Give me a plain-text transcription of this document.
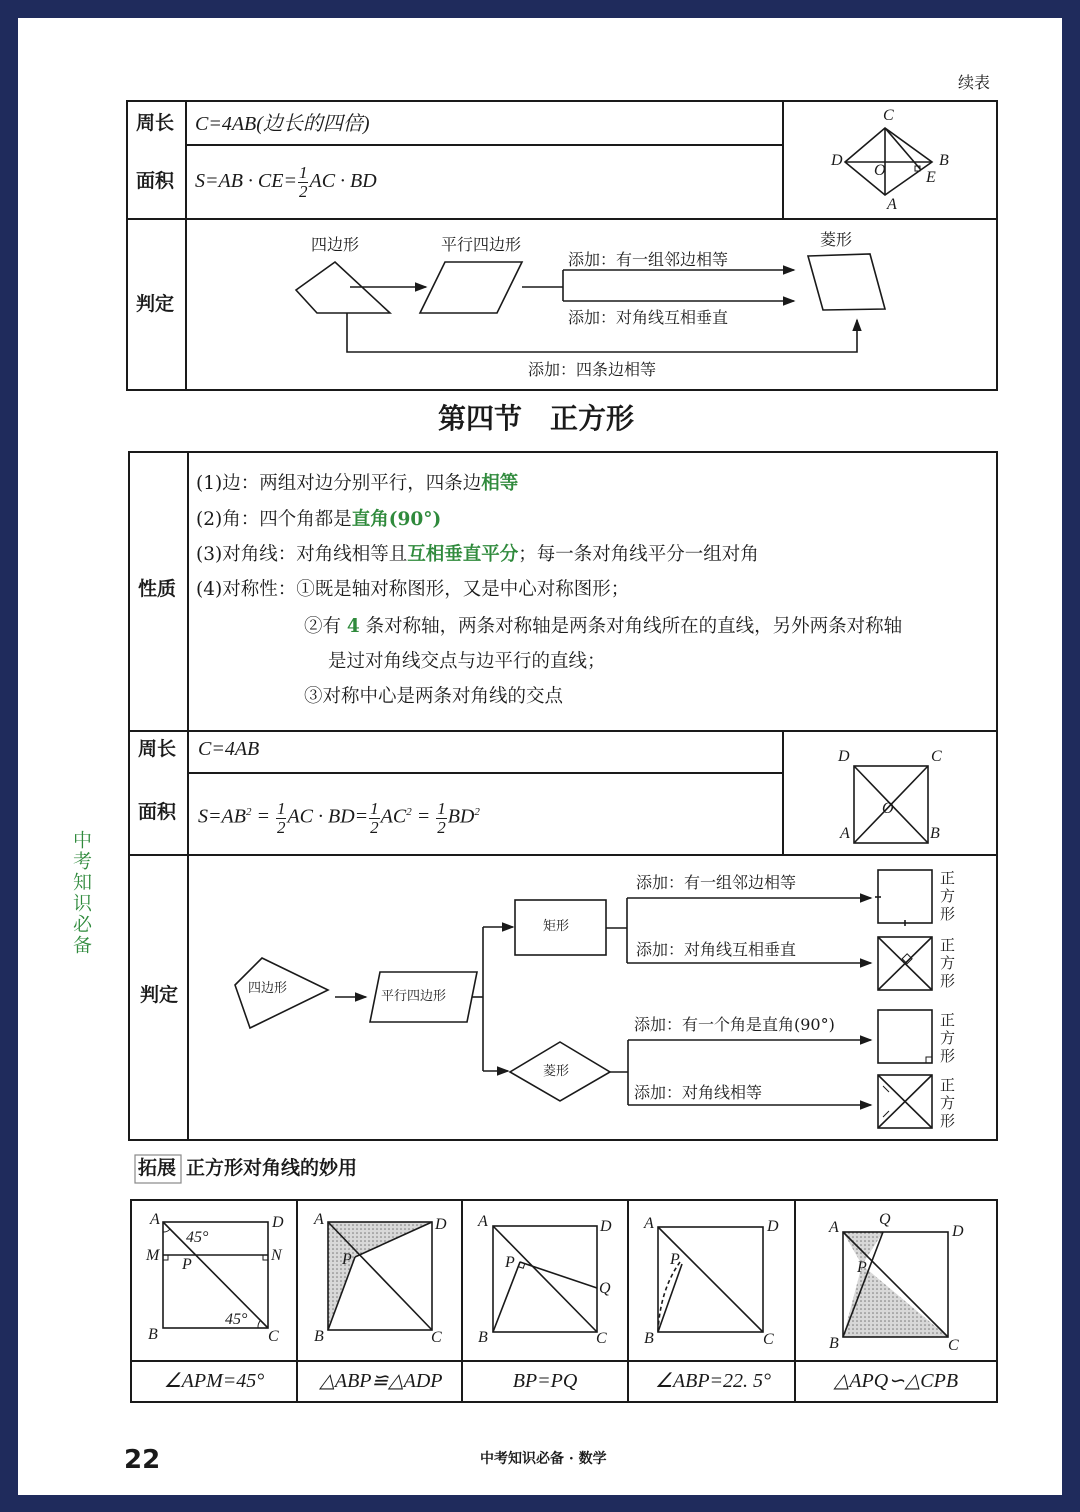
续表
周长 C=4AB(边长的四倍)
面积 $S=AB \cdot CE= \frac{1}{2}$ AC · BD
C
D
O
B
E
A
判定
四边形	平行四边形	菱形
添加：有一组邻边相等
添加：对角线互相垂直
添加：四条边相等
第四节　正方形
性质
(1)边：两组对边分别平行，四条边相等
(2)角：四个角都是直角(90°)
(3)对角线：对角线相等且互相垂直平分；每一条对角线平分一组对角
(4)对称性：①既是轴对称图形，又是中心对称图形；
②有 4 条对称轴，两条对称轴是两条对角线所在的直线，另外两条对称轴
是过对角线交点与边平行的直线；
③对称中心是两条对角线的交点
周长 C=4AB
面积 $S=AB^2 = \frac{1}{2}$ AC · $BD= \frac{1}{2} AC^2 = \frac{1}{2} BD^2$
D	C
O
A	B
判定	四边形
平行四边形
矩形
菱形
添加：有一组邻边相等
添加：对角线互相垂直
添加：有一个角是直角(90°)
添加：对角线相等
正方形
正方形
正方形
正方形
拓展 正方形对角线的妙用
A	D
M	N
P
B	C
45°
45°
∠APM=45°
A	D
P
B	C
△ABP≌△ADP
A	D
P
Q
B	C
BP=PQ
A	D
P
B	C
∠ABP=22. 5°
A	Q
D
P
B	C
△APQ∽△CPB
中考知识必备
22	中考知识必备 · 数学
